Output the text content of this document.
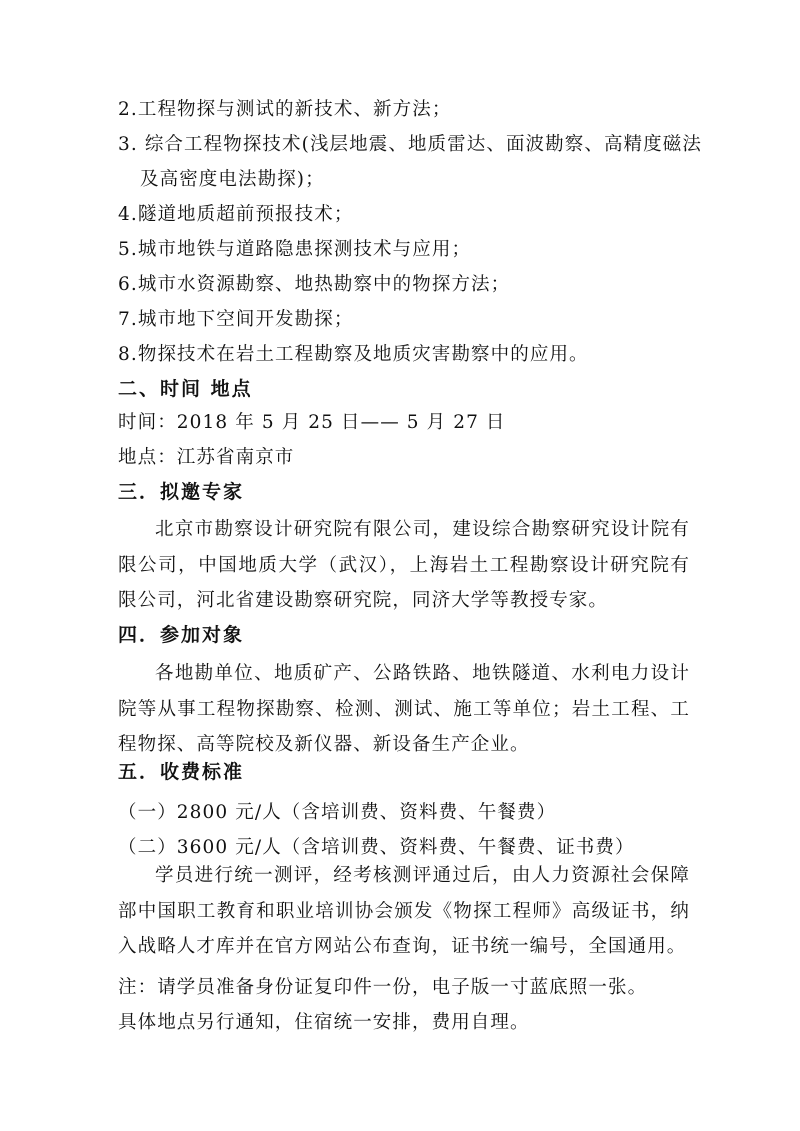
2.工程物探与测试的新技术、新方法；
3. 综合工程物探技术(浅层地震、地质雷达、面波勘察、高精度磁法
及高密度电法勘探)；
4.隧道地质超前预报技术；
5.城市地铁与道路隐患探测技术与应用；
6.城市水资源勘察、地热勘察中的物探方法；
7.城市地下空间开发勘探；
8.物探技术在岩土工程勘察及地质灾害勘察中的应用。
二、时间 地点
时间：2018 年 5 月 25 日—— 5 月 27 日
地点：江苏省南京市
三．拟邀专家
北京市勘察设计研究院有限公司，建设综合勘察研究设计院有限公司，中国地质大学（武汉），上海岩土工程勘察设计研究院有限公司，河北省建设勘察研究院，同济大学等教授专家。
四．参加对象
各地勘单位、地质矿产、公路铁路、地铁隧道、水利电力设计院等从事工程物探勘察、检测、测试、施工等单位；岩土工程、工程物探、高等院校及新仪器、新设备生产企业。
五．收费标准
（一）2800 元/人（含培训费、资料费、午餐费）
（二）3600 元/人（含培训费、资料费、午餐费、证书费）
学员进行统一测评，经考核测评通过后，由人力资源社会保障部中国职工教育和职业培训协会颁发《物探工程师》高级证书，纳入战略人才库并在官方网站公布查询，证书统一编号，全国通用。
注：请学员准备身份证复印件一份，电子版一寸蓝底照一张。
具体地点另行通知，住宿统一安排，费用自理。
